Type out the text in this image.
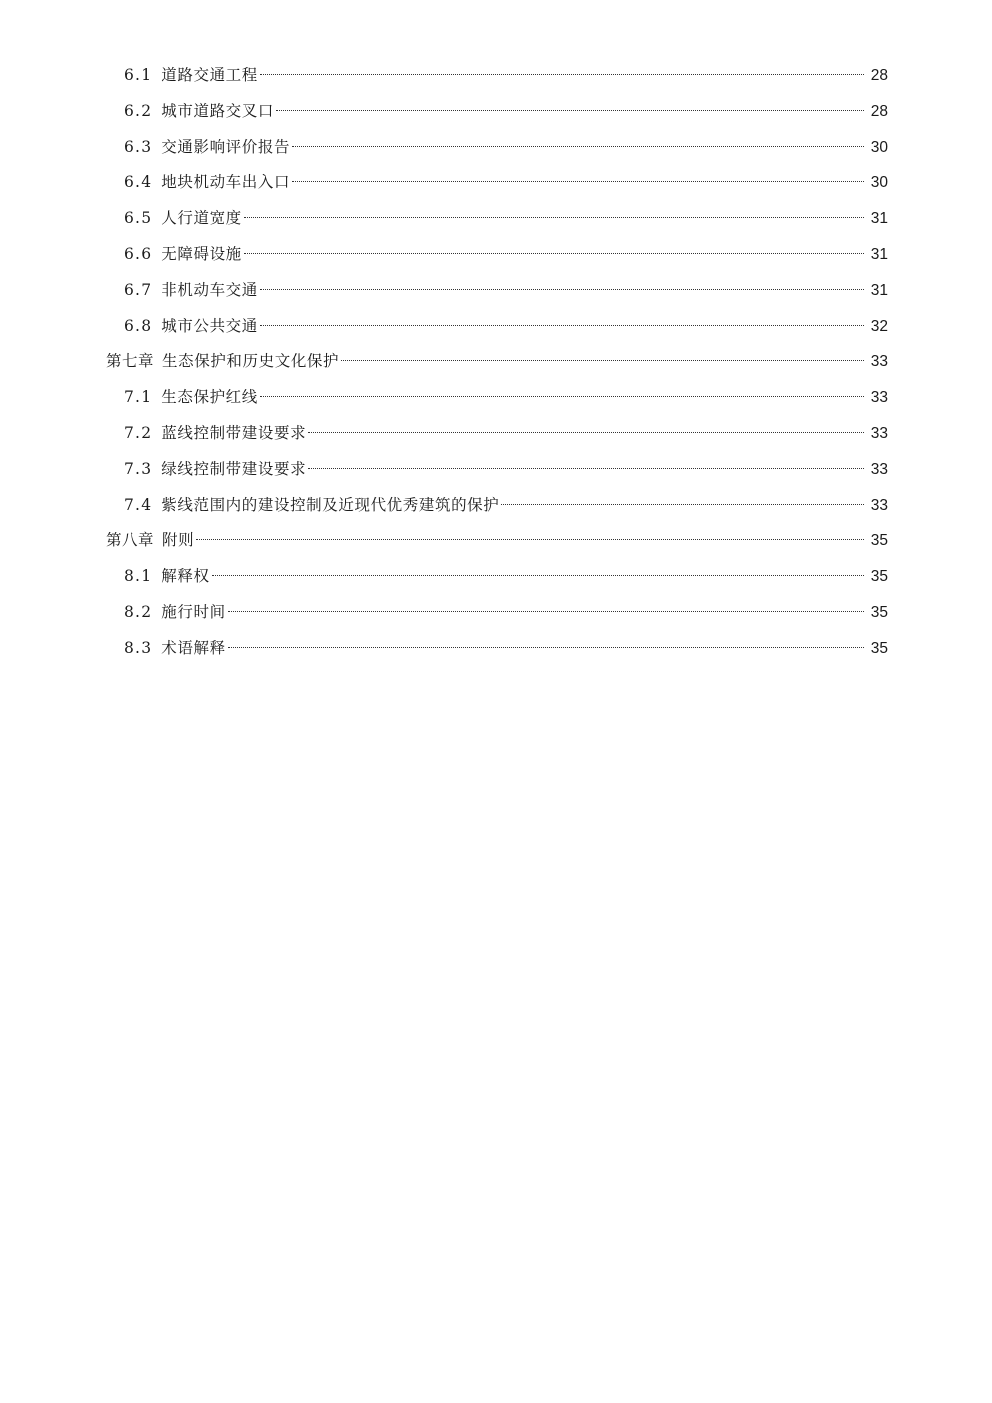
6.1 道路交通工程	28
6.2 城市道路交叉口	28
6.3 交通影响评价报告	30
6.4 地块机动车出入口	30
6.5 人行道宽度	31
6.6 无障碍设施	31
6.7 非机动车交通	31
6.8 城市公共交通	32
第七章 生态保护和历史文化保护	33
7.1 生态保护红线	33
7.2 蓝线控制带建设要求	33
7.3 绿线控制带建设要求	33
7.4 紫线范围内的建设控制及近现代优秀建筑的保护	33
第八章 附则	35
8.1 解释权	35
8.2 施行时间	35
8.3 术语解释	35
